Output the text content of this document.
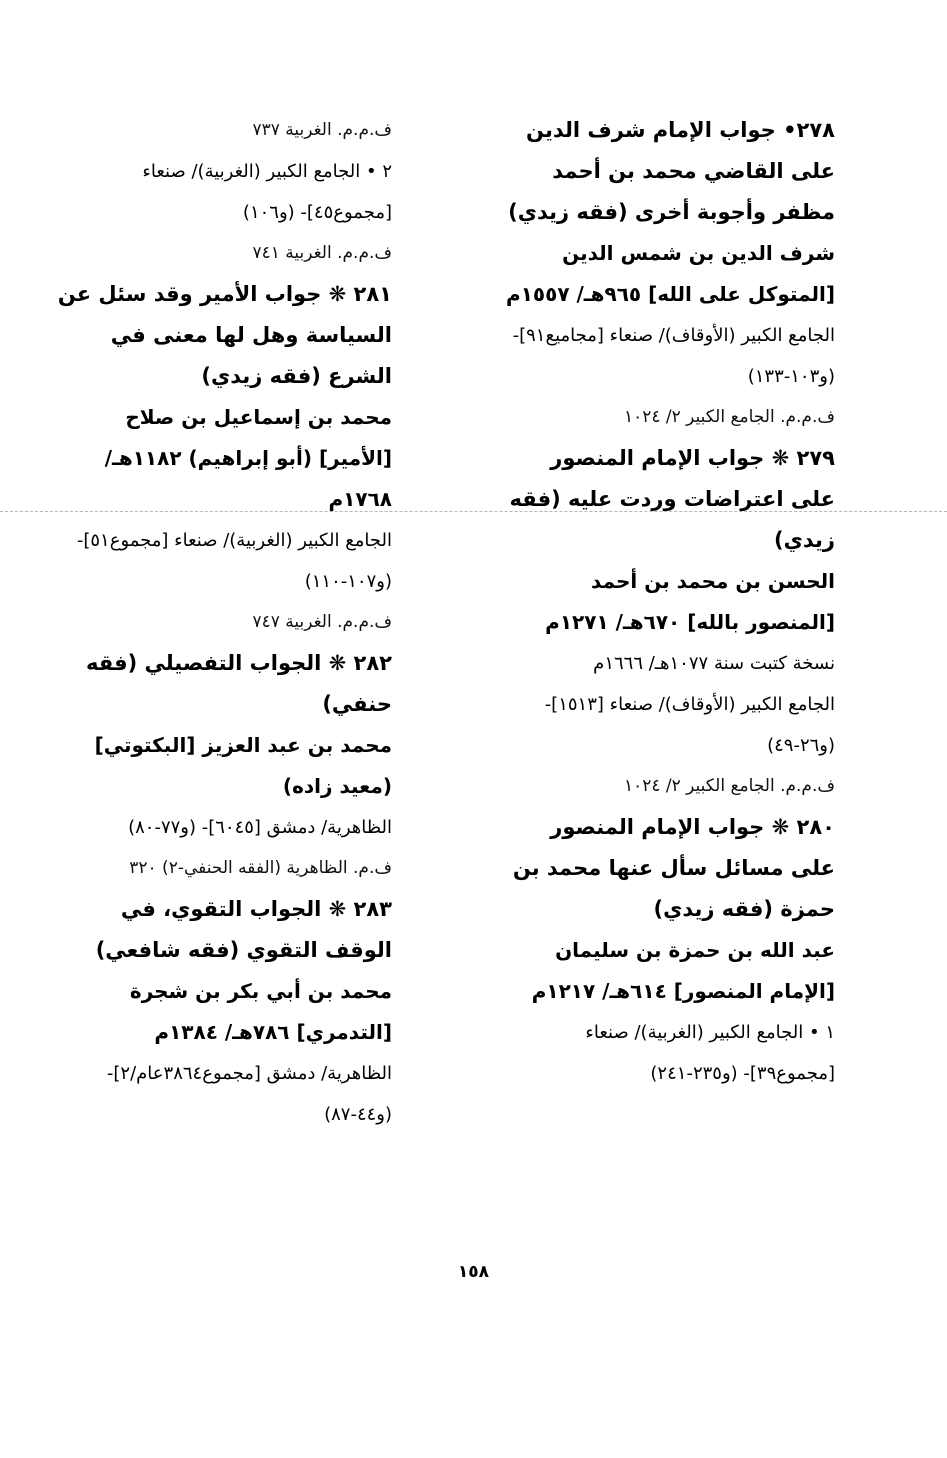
٢٧٨• جواب الإمام شرف الدين على القاضي محمد بن أحمد مظفر وأجوبة أخرى (فقه زيدي)

شرف الدين بن شمس الدين [المتوكل على الله] ٩٦٥هـ/ ١٥٥٧م

الجامع الكبير (الأوقاف)/ صنعاء [مجاميع٩١]- (و١٠٣-١٣٣)

ف.م.م. الجامع الكبير ٢/ ١٠٢٤

٢٧٩ ❋ جواب الإمام المنصور على اعتراضات وردت عليه (فقه زيدي)

الحسن بن محمد بن أحمد [المنصور بالله] ٦٧٠هـ/ ١٢٧١م

نسخة كتبت سنة ١٠٧٧هـ/ ١٦٦٦م

الجامع الكبير (الأوقاف)/ صنعاء [١٥١٣]- (و٢٦-٤٩)

ف.م.م. الجامع الكبير ٢/ ١٠٢٤

٢٨٠ ❋ جواب الإمام المنصور على مسائل سأل عنها محمد بن حمزة (فقه زيدي)

عبد الله بن حمزة بن سليمان [الإمام المنصور] ٦١٤هـ/ ١٢١٧م

١ • الجامع الكبير (الغربية)/ صنعاء [مجموع٣٩]- (و٢٣٥-٢٤١)

ف.م.م. الغربية ٧٣٧

٢ • الجامع الكبير (الغربية)/ صنعاء [مجموع٤٥]- (و١٠٦)

ف.م.م. الغربية ٧٤١

٢٨١ ❋ جواب الأمير وقد سئل عن السياسة وهل لها معنى في الشرع (فقه زيدي)

محمد بن إسماعيل بن صلاح [الأمير] (أبو إبراهيم) ١١٨٢هـ/ ١٧٦٨م

الجامع الكبير (الغربية)/ صنعاء [مجموع٥١]- (و١٠٧-١١٠)

ف.م.م. الغربية ٧٤٧

٢٨٢ ❋ الجواب التفصيلي (فقه حنفي)

محمد بن عبد العزيز [البكتوتي] (معيد زاده)

الظاهرية/ دمشق [٦٠٤٥]- (و٧٧-٨٠)

ف.م. الظاهرية (الفقه الحنفي-٢) ٣٢٠

٢٨٣ ❋ الجواب التقوي، في الوقف التقوي (فقه شافعي)

محمد بن أبي بكر بن شجرة [التدمري] ٧٨٦هـ/ ١٣٨٤م

الظاهرية/ دمشق [مجموع٣٨٦٤عام/٢]- (و٤٤-٨٧)

١٥٨
